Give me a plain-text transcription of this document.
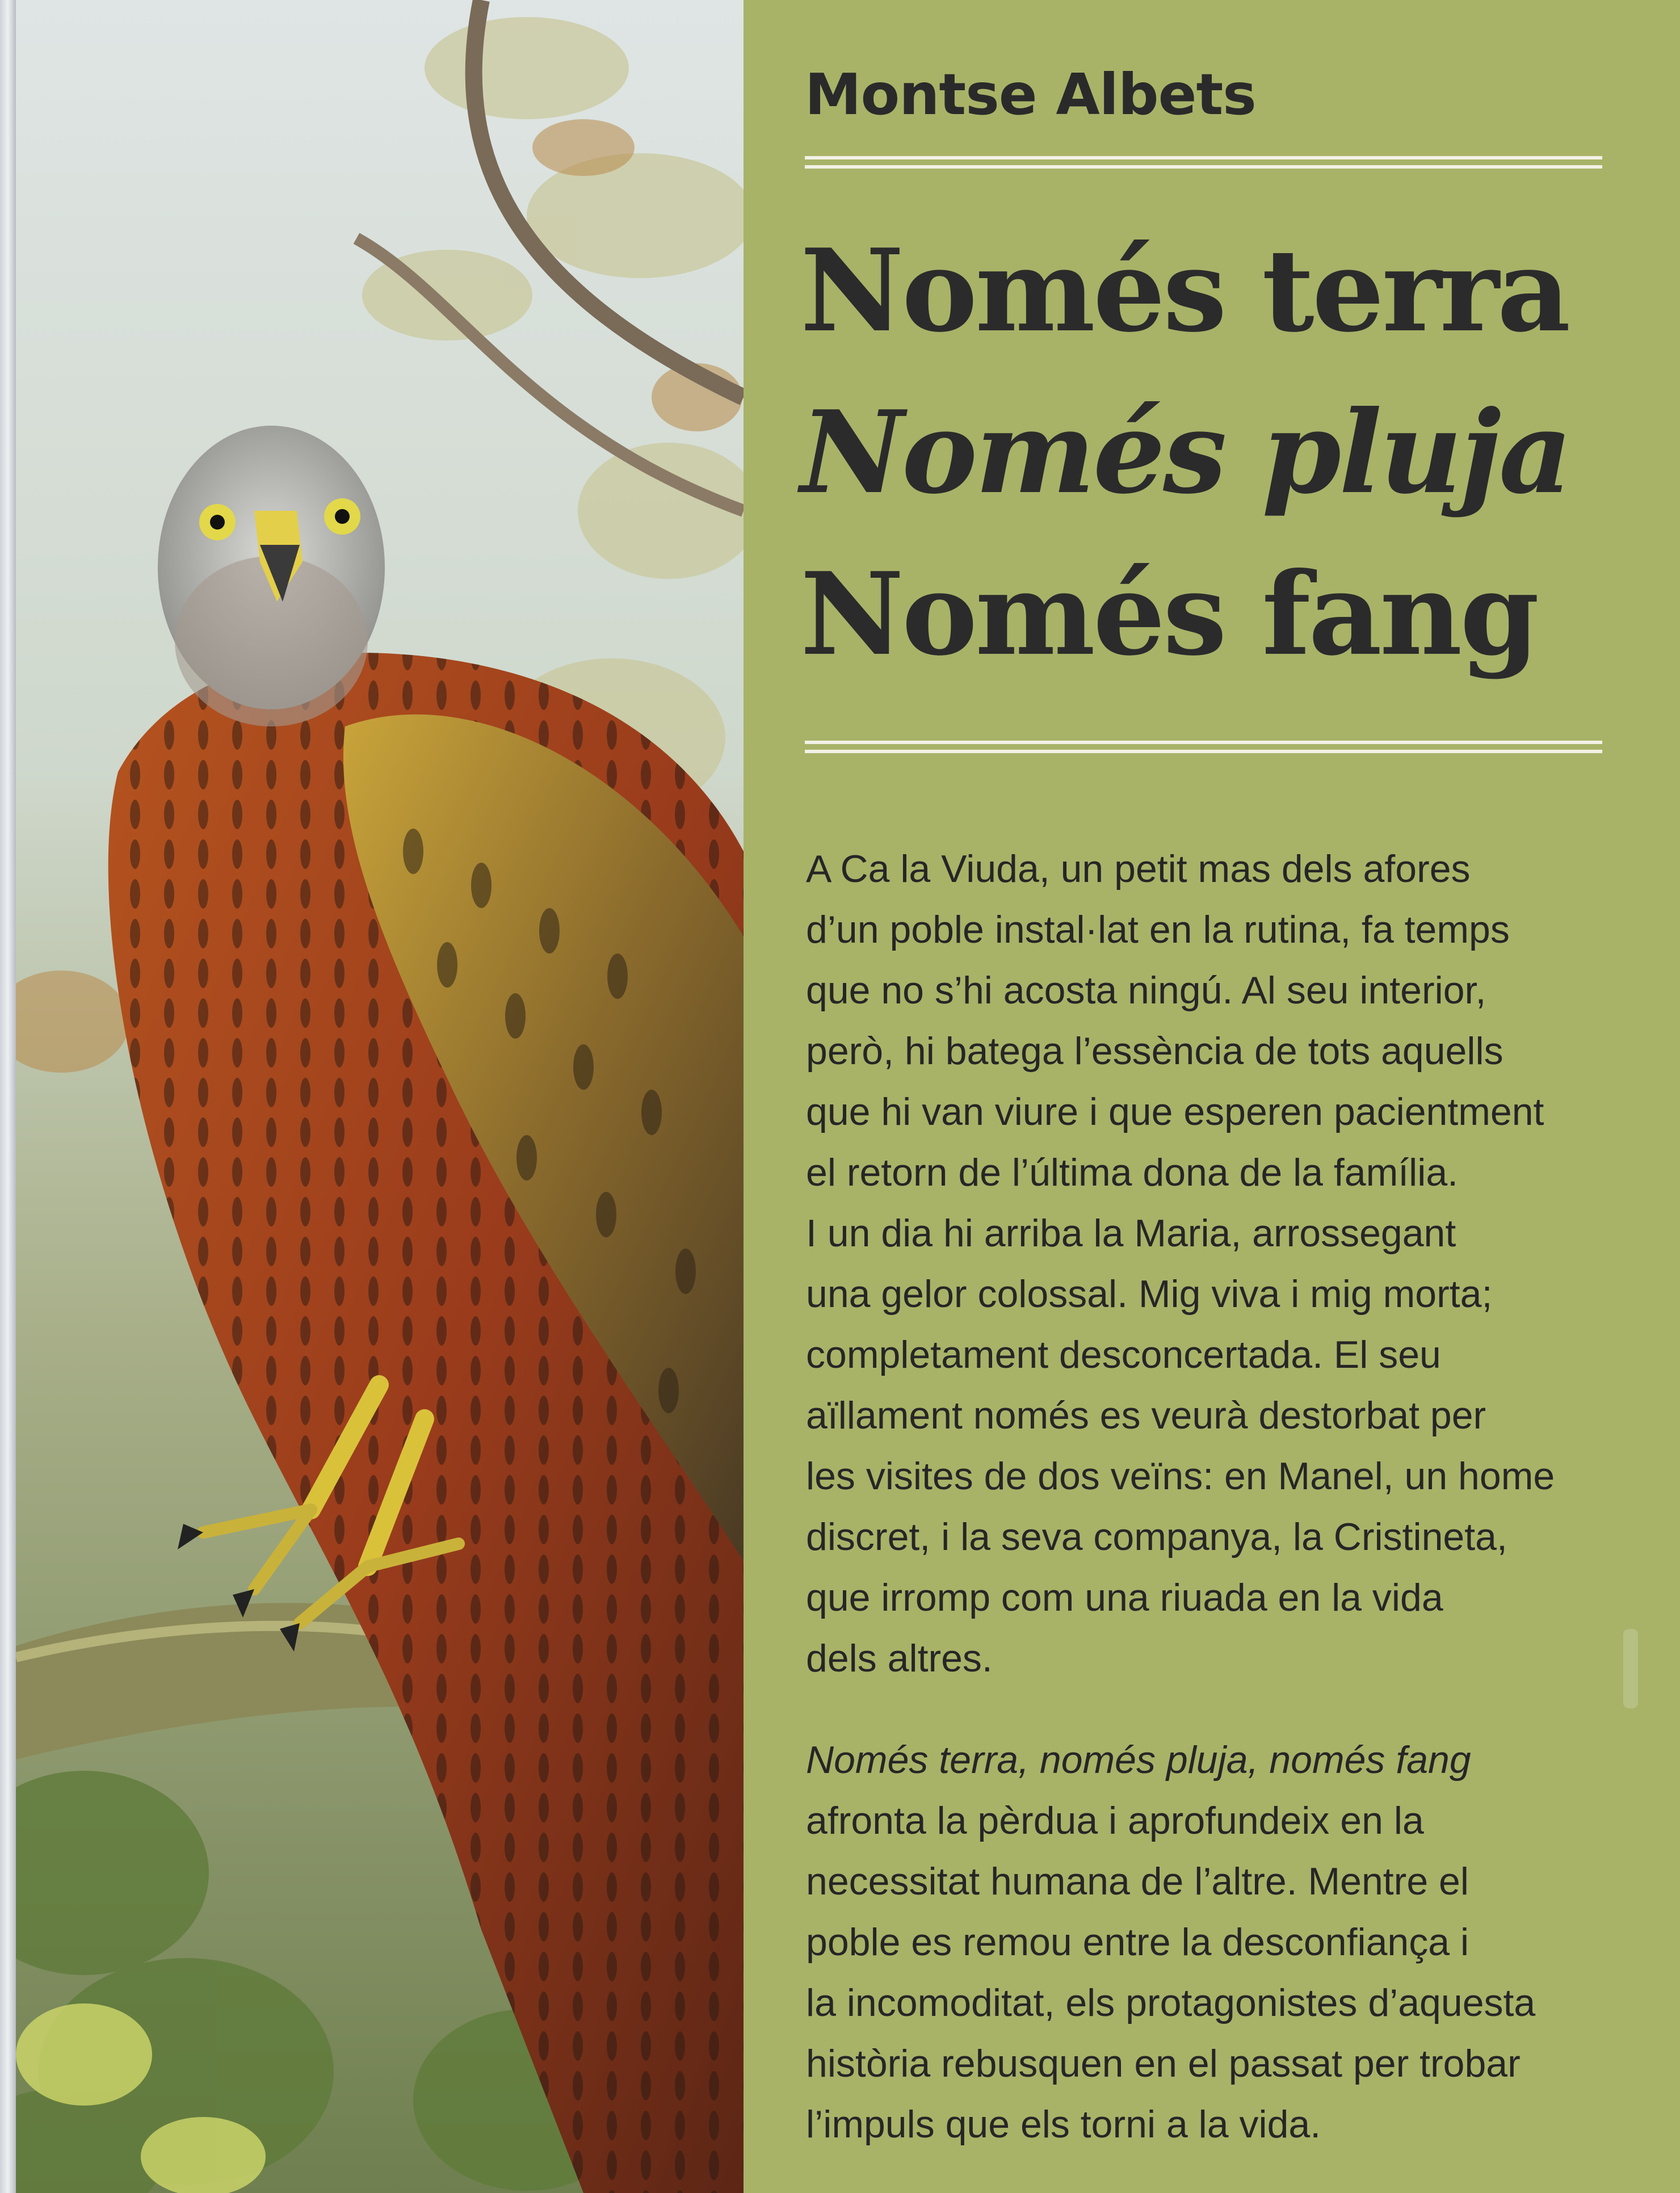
Montse Albets
Només terra
Només pluja
Només fang
A Ca la Viuda, un petit mas dels afores
d’un poble instal·lat en la rutina, fa temps
que no s’hi acosta ningú. Al seu interior,
però, hi batega l’essència de tots aquells
que hi van viure i que esperen pacientment
el retorn de l’última dona de la família.
I un dia hi arriba la Maria, arrossegant
una gelor colossal. Mig viva i mig morta;
completament desconcertada. El seu
aïllament només es veurà destorbat per
les visites de dos veïns: en Manel, un home
discret, i la seva companya, la Cristineta,
que irromp com una riuada en la vida
dels altres.
Només terra, només pluja, només fang
afronta la pèrdua i aprofundeix en la
necessitat humana de l’altre. Mentre el
poble es remou entre la desconfiança i
la incomoditat, els protagonistes d’aquesta
història rebusquen en el passat per trobar
l’impuls que els torni a la vida.
